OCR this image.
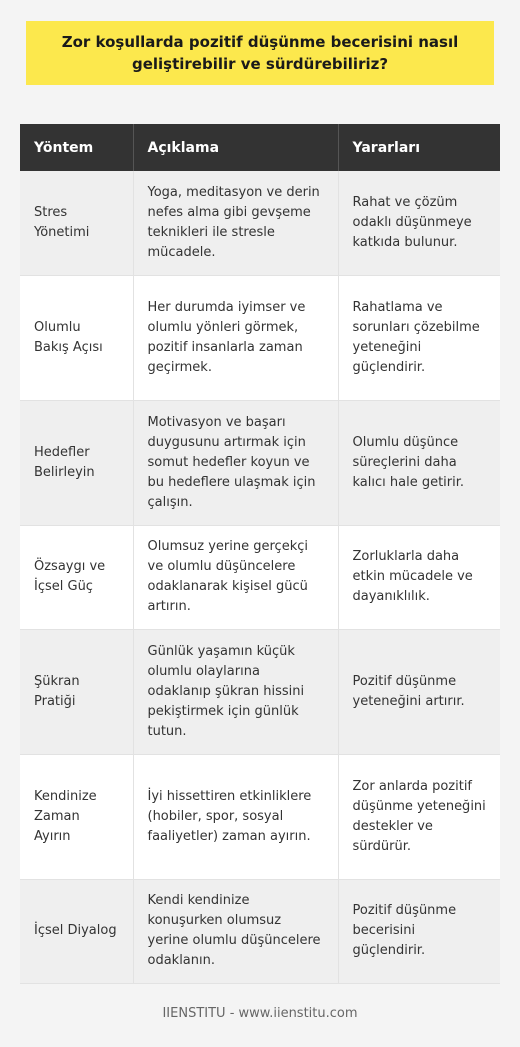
Zor koşullarda pozitif düşünme becerisini nasıl geliştirebilir ve sürdürebiliriz?
Yöntem	Açıklama	Yararları
Stres Yönetimi	Yoga, meditasyon ve derin nefes alma gibi gevşeme teknikleri ile stresle mücadele.	Rahat ve çözüm odaklı düşünmeye katkıda bulunur.
Olumlu Bakış Açısı	Her durumda iyimser ve olumlu yönleri görmek, pozitif insanlarla zaman geçirmek.	Rahatlama ve sorunları çözebilme yeteneğini güçlendirir.
Hedefler Belirleyin	Motivasyon ve başarı duygusunu artırmak için somut hedefler koyun ve bu hedeflere ulaşmak için çalışın.	Olumlu düşünce süreçlerini daha kalıcı hale getirir.
Özsaygı ve İçsel Güç	Olumsuz yerine gerçekçi ve olumlu düşüncelere odaklanarak kişisel gücü artırın.	Zorluklarla daha etkin mücadele ve dayanıklılık.
Şükran Pratiği	Günlük yaşamın küçük olumlu olaylarına odaklanıp şükran hissini pekiştirmek için günlük tutun.	Pozitif düşünme yeteneğini artırır.
Kendinize Zaman Ayırın	İyi hissettiren etkinliklere (hobiler, spor, sosyal faaliyetler) zaman ayırın.	Zor anlarda pozitif düşünme yeteneğini destekler ve sürdürür.
İçsel Diyalog	Kendi kendinize konuşurken olumsuz yerine olumlu düşüncelere odaklanın.	Pozitif düşünme becerisini güçlendirir.
IIENSTITU - www.iienstitu.com
